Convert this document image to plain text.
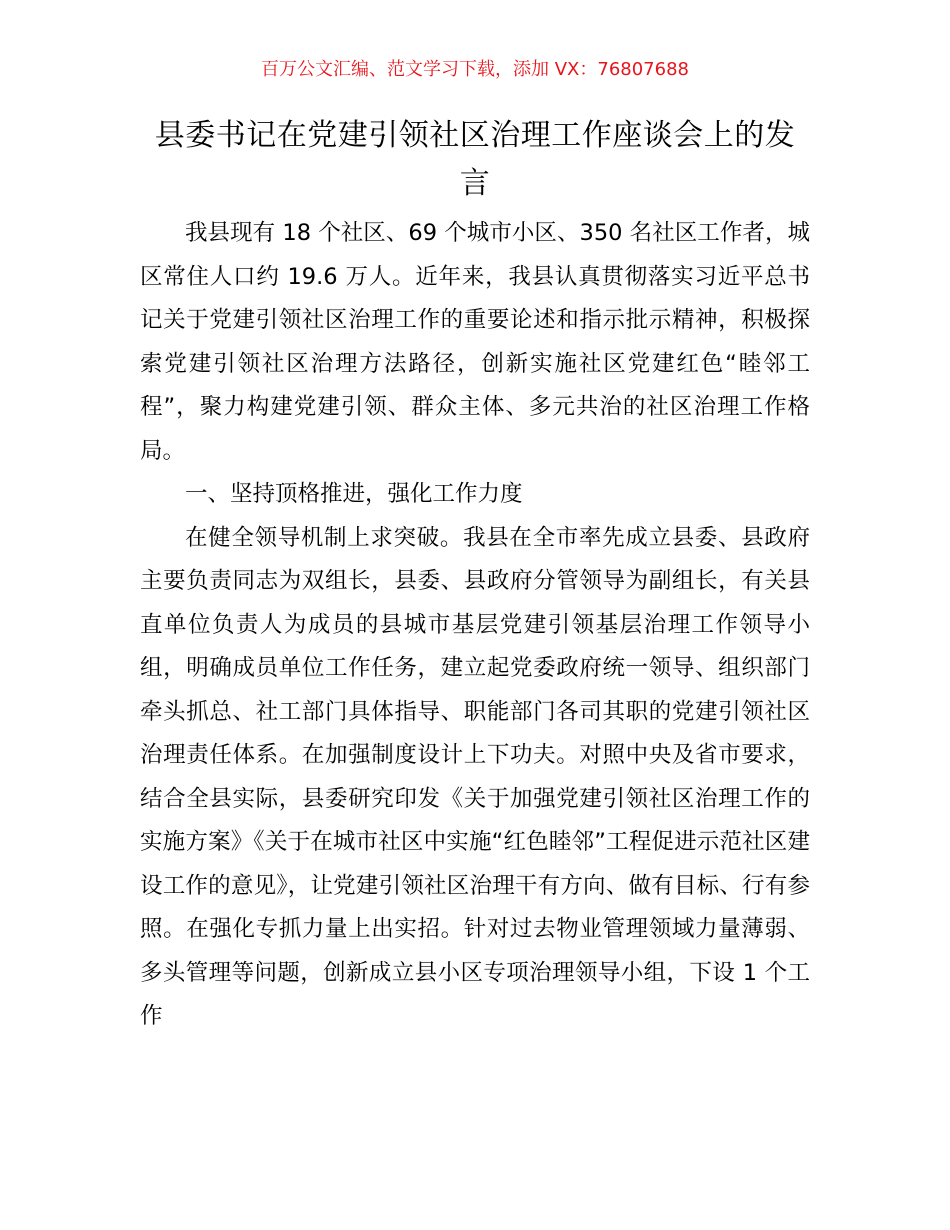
百万公文汇编、范文学习下载，添加 VX：76807688
县委书记在党建引领社区治理工作座谈会上的发言

我县现有 18 个社区、69 个城市小区、350 名社区工作者，城区常住人口约 19.6 万人。近年来，我县认真贯彻落实习近平总书记关于党建引领社区治理工作的重要论述和指示批示精神，积极探索党建引领社区治理方法路径，创新实施社区党建红色“睦邻工程”，聚力构建党建引领、群众主体、多元共治的社区治理工作格局。

一、坚持顶格推进，强化工作力度

在健全领导机制上求突破。我县在全市率先成立县委、县政府主要负责同志为双组长，县委、县政府分管领导为副组长，有关县直单位负责人为成员的县城市基层党建引领基层治理工作领导小组，明确成员单位工作任务，建立起党委政府统一领导、组织部门牵头抓总、社工部门具体指导、职能部门各司其职的党建引领社区治理责任体系。在加强制度设计上下功夫。对照中央及省市要求，结合全县实际，县委研究印发《关于加强党建引领社区治理工作的实施方案》《关于在城市社区中实施“红色睦邻”工程促进示范社区建设工作的意见》，让党建引领社区治理干有方向、做有目标、行有参照。在强化专抓力量上出实招。针对过去物业管理领域力量薄弱、多头管理等问题，创新成立县小区专项治理领导小组，下设 1 个工作
